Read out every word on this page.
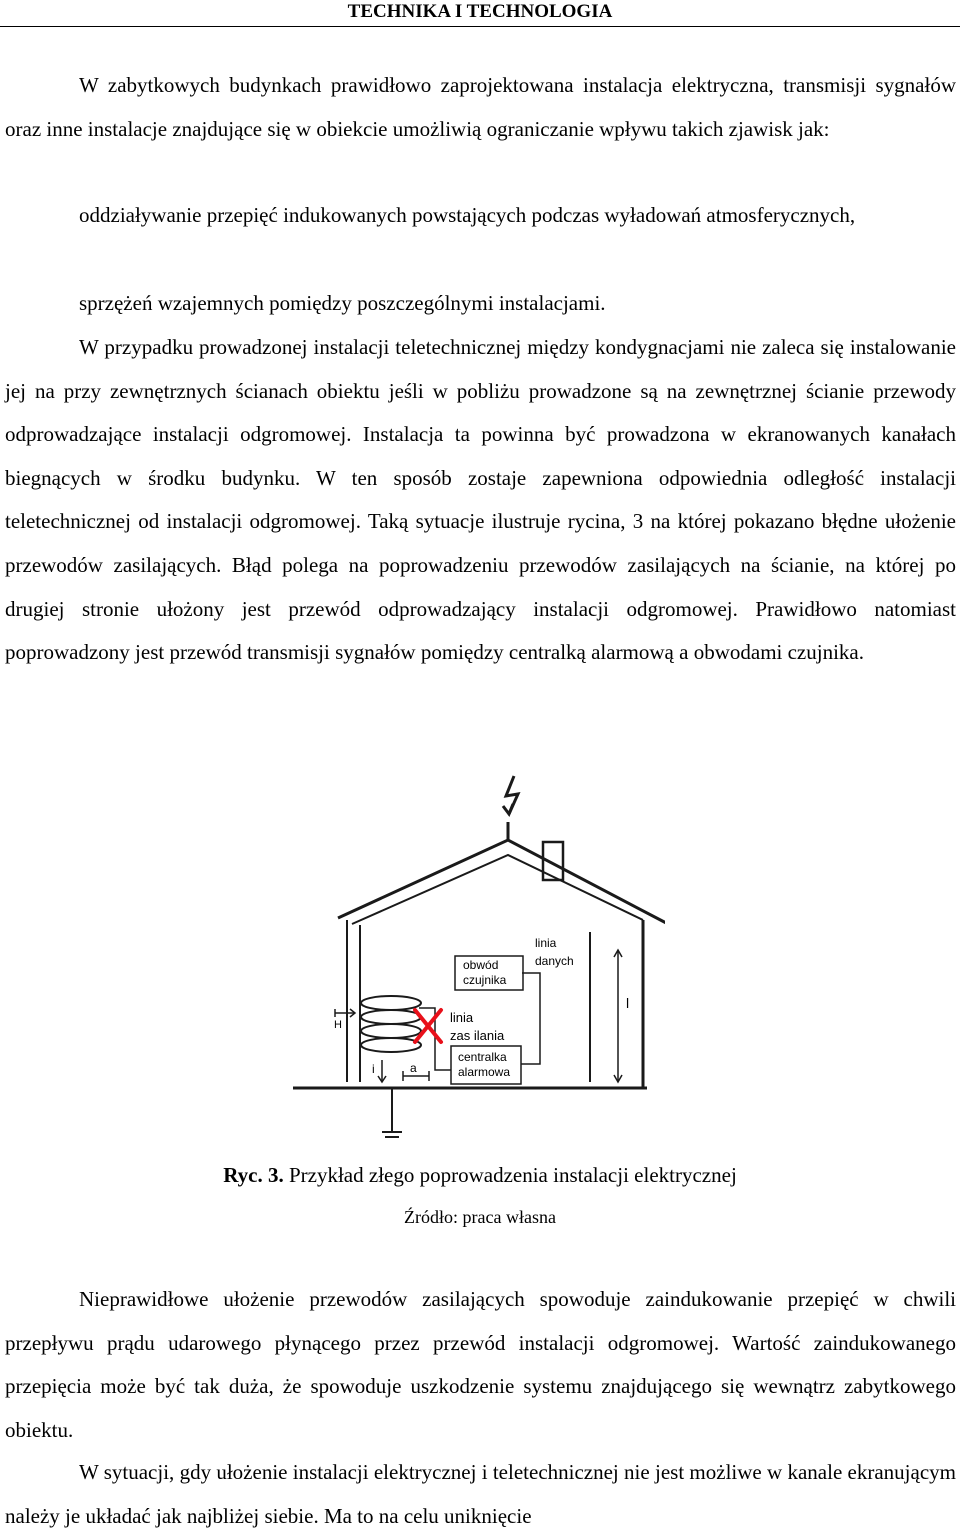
TECHNIKA I TECHNOLOGIA

W zabytkowych budynkach prawidłowo zaprojektowana instalacja elektryczna, transmisji sygnałów oraz inne instalacje znajdujące się w obiekcie umożliwią ograniczanie wpływu takich zjawisk jak:

oddziaływanie przepięć indukowanych powstających podczas wyładowań atmosferycznych,

sprzężeń wzajemnych pomiędzy poszczególnymi instalacjami.

W przypadku prowadzonej instalacji teletechnicznej między kondygnacjami nie zaleca się instalowanie jej na przy zewnętrznych ścianach obiektu jeśli w pobliżu prowadzone są na zewnętrznej ścianie przewody odprowadzające instalacji odgromowej. Instalacja ta powinna być prowadzona w ekranowanych kanałach biegnących w środku budynku. W ten sposób zostaje zapewniona odpowiednia odległość instalacji teletechnicznej od instalacji odgromowej. Taką sytuacje ilustruje rycina, 3 na której pokazano błędne ułożenie przewodów zasilających. Błąd polega na poprowadzeniu przewodów zasilających na ścianie, na której po drugiej stronie ułożony jest przewód odprowadzający instalacji odgromowej. Prawidłowo natomiast poprowadzony jest przewód transmisji sygnałów pomiędzy centralką alarmową a obwodami czujnika.

linia
danych
obwód
czujnika
linia
zas ilania
centralka
alarmowa
H
i	a
l

Ryc. 3. Przykład złego poprowadzenia instalacji elektrycznej

Źródło: praca własna

Nieprawidłowe ułożenie przewodów zasilających spowoduje zaindukowanie przepięć w chwili przepływu prądu udarowego płynącego przez przewód instalacji odgromowej. Wartość zaindukowanego przepięcia może być tak duża, że spowoduje uszkodzenie systemu znajdującego się wewnątrz zabytkowego obiektu.

W sytuacji, gdy ułożenie instalacji elektrycznej i teletechnicznej nie jest możliwe w kanale ekranującym należy je układać jak najbliżej siebie. Ma to na celu uniknięcie
